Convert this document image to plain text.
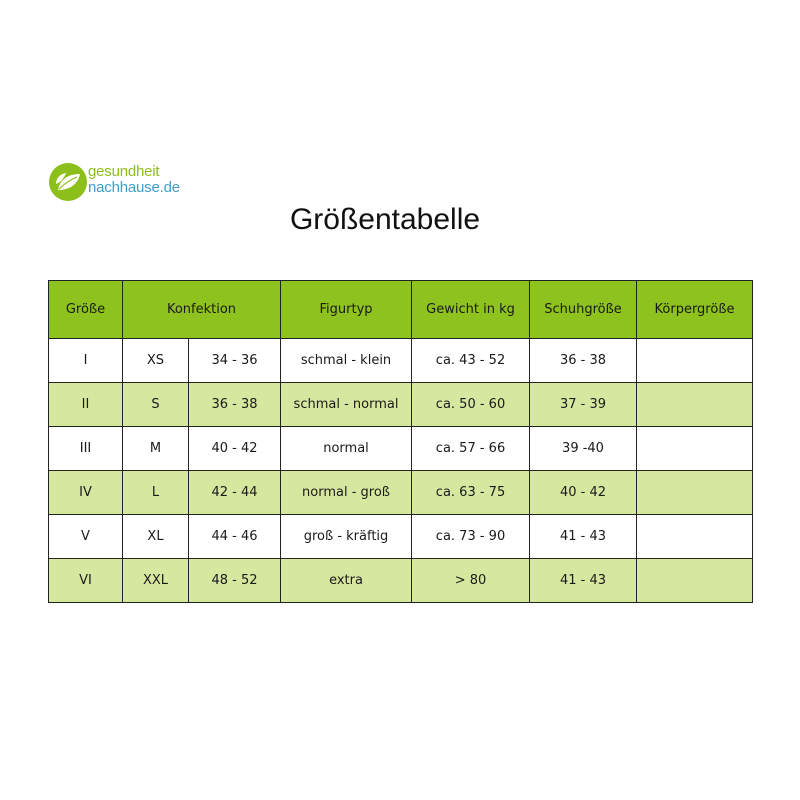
gesundheit
nachhause.de
Größentabelle
Größe	Konfektion		Figurtyp	Gewicht in kg	Schuhgröße	Körpergröße
I	XS	34 - 36	schmal - klein	ca. 43 - 52	36 - 38	
II	S	36 - 38	schmal - normal	ca. 50 - 60	37 - 39	
III	M	40 - 42	normal	ca. 57 - 66	39 -40	
IV	L	42 - 44	normal - groß	ca. 63 - 75	40 - 42	
V	XL	44 - 46	groß - kräftig	ca. 73 - 90	41 - 43	
VI	XXL	48 - 52	extra	> 80	41 - 43	
